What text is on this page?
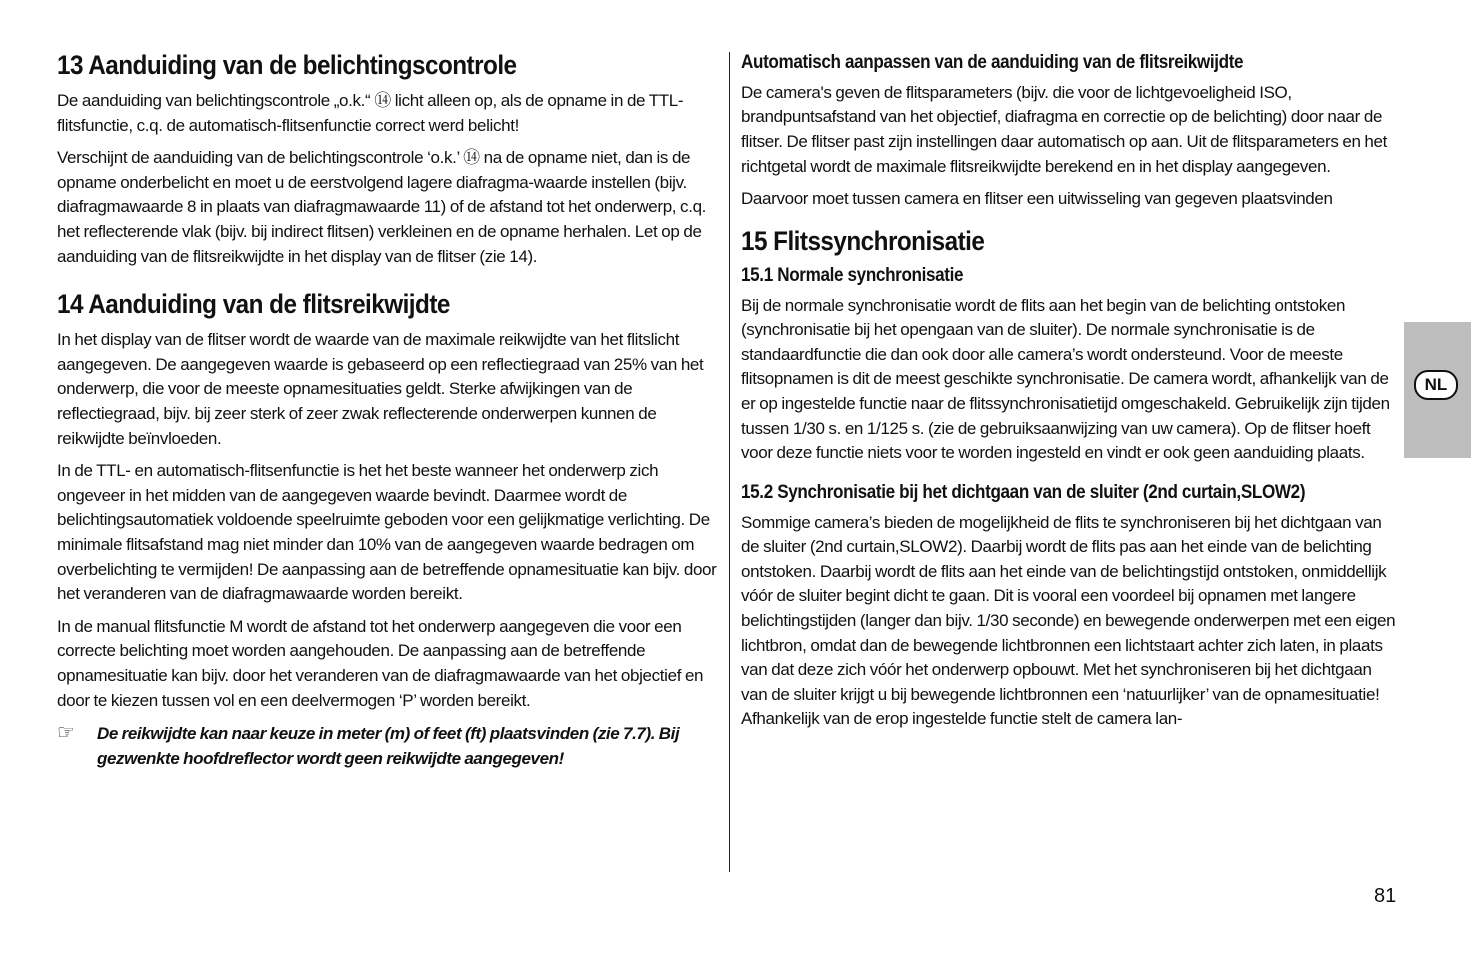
13 Aanduiding van de belichtingscontrole

De aanduiding van belichtingscontrole „o.k.“ ⑭ licht alleen op, als de opname in de TTL-flitsfunctie, c.q. de automatisch-flitsenfunctie correct werd belicht!

Verschijnt de aanduiding van de belichtingscontrole ‘o.k.’ ⑭ na de opname niet, dan is de opname onderbelicht en moet u de eerstvolgend lagere diafragma-waarde instellen (bijv. diafragmawaarde 8 in plaats van diafragmawaarde 11) of de afstand tot het onderwerp, c.q. het reflecterende vlak (bijv. bij indirect flitsen) verkleinen en de opname herhalen. Let op de aanduiding van de flitsreikwijdte in het display van de flitser (zie 14).

14 Aanduiding van de flitsreikwijdte

In het display van de flitser wordt de waarde van de maximale reikwijdte van het flitslicht aangegeven. De aangegeven waarde is gebaseerd op een reflectiegraad van 25% van het onderwerp, die voor de meeste opnamesituaties geldt. Sterke afwijkingen van de reflectiegraad, bijv. bij zeer sterk of zeer zwak reflecterende onderwerpen kunnen de reikwijdte beïnvloeden.

In de TTL- en automatisch-flitsenfunctie is het het beste wanneer het onderwerp zich ongeveer in het midden van de aangegeven waarde bevindt. Daarmee wordt de belichtingsautomatiek voldoende speelruimte geboden voor een gelijkmatige verlichting. De minimale flitsafstand mag niet minder dan 10% van de aangegeven waarde bedragen om overbelichting te vermijden! De aanpassing aan de betreffende opnamesituatie kan bijv. door het veranderen van de diafragmawaarde worden bereikt.

In de manual flitsfunctie M wordt de afstand tot het onderwerp aangegeven die voor een correcte belichting moet worden aangehouden. De aanpassing aan de betreffende opnamesituatie kan bijv. door het veranderen van de diafragmawaarde van het objectief en door te kiezen tussen vol en een deelvermogen ‘P’ worden bereikt.

☞	De reikwijdte kan naar keuze in meter (m) of feet (ft) plaatsvinden (zie 7.7). Bij gezwenkte hoofdreflector wordt geen reikwijdte aangegeven!

Automatisch aanpassen van de aanduiding van de flitsreikwijdte

De camera's geven de flitsparameters (bijv. die voor de lichtgevoeligheid ISO, brandpuntsafstand van het objectief, diafragma en correctie op de belichting) door naar de flitser. De flitser past zijn instellingen daar automatisch op aan. Uit de flitsparameters en het richtgetal wordt de maximale flitsreikwijdte berekend en in het display aangegeven.

Daarvoor moet tussen camera en flitser een uitwisseling van gegeven plaatsvinden

15 Flitssynchronisatie
15.1 Normale synchronisatie

Bij de normale synchronisatie wordt de flits aan het begin van de belichting ontstoken (synchronisatie bij het opengaan van de sluiter). De normale synchronisatie is de standaardfunctie die dan ook door alle camera’s wordt ondersteund. Voor de meeste flitsopnamen is dit de meest geschikte synchronisatie. De camera wordt, afhankelijk van de er op ingestelde functie naar de flitssynchronisatietijd omgeschakeld. Gebruikelijk zijn tijden tussen 1/30 s. en 1/125 s. (zie de gebruiksaanwijzing van uw camera). Op de flitser hoeft voor deze functie niets voor te worden ingesteld en vindt er ook geen aanduiding plaats.

15.2 Synchronisatie bij het dichtgaan van de sluiter (2nd curtain,SLOW2)

Sommige camera’s bieden de mogelijkheid de flits te synchroniseren bij het dichtgaan van de sluiter (2nd curtain,SLOW2). Daarbij wordt de flits pas aan het einde van de belichting ontstoken. Daarbij wordt de flits aan het einde van de belichtingstijd ontstoken, onmiddellijk vóór de sluiter begint dicht te gaan. Dit is vooral een voordeel bij opnamen met langere belichtingstijden (langer dan bijv. 1/30 seconde) en bewegende onderwerpen met een eigen lichtbron, omdat dan de bewegende lichtbronnen een lichtstaart achter zich laten, in plaats van dat deze zich vóór het onderwerp opbouwt. Met het synchroniseren bij het dichtgaan van de sluiter krijgt u bij bewegende lichtbronnen een ‘natuurlijker’ van de opnamesituatie! Afhankelijk van de erop ingestelde functie stelt de camera lan-

NL
81
